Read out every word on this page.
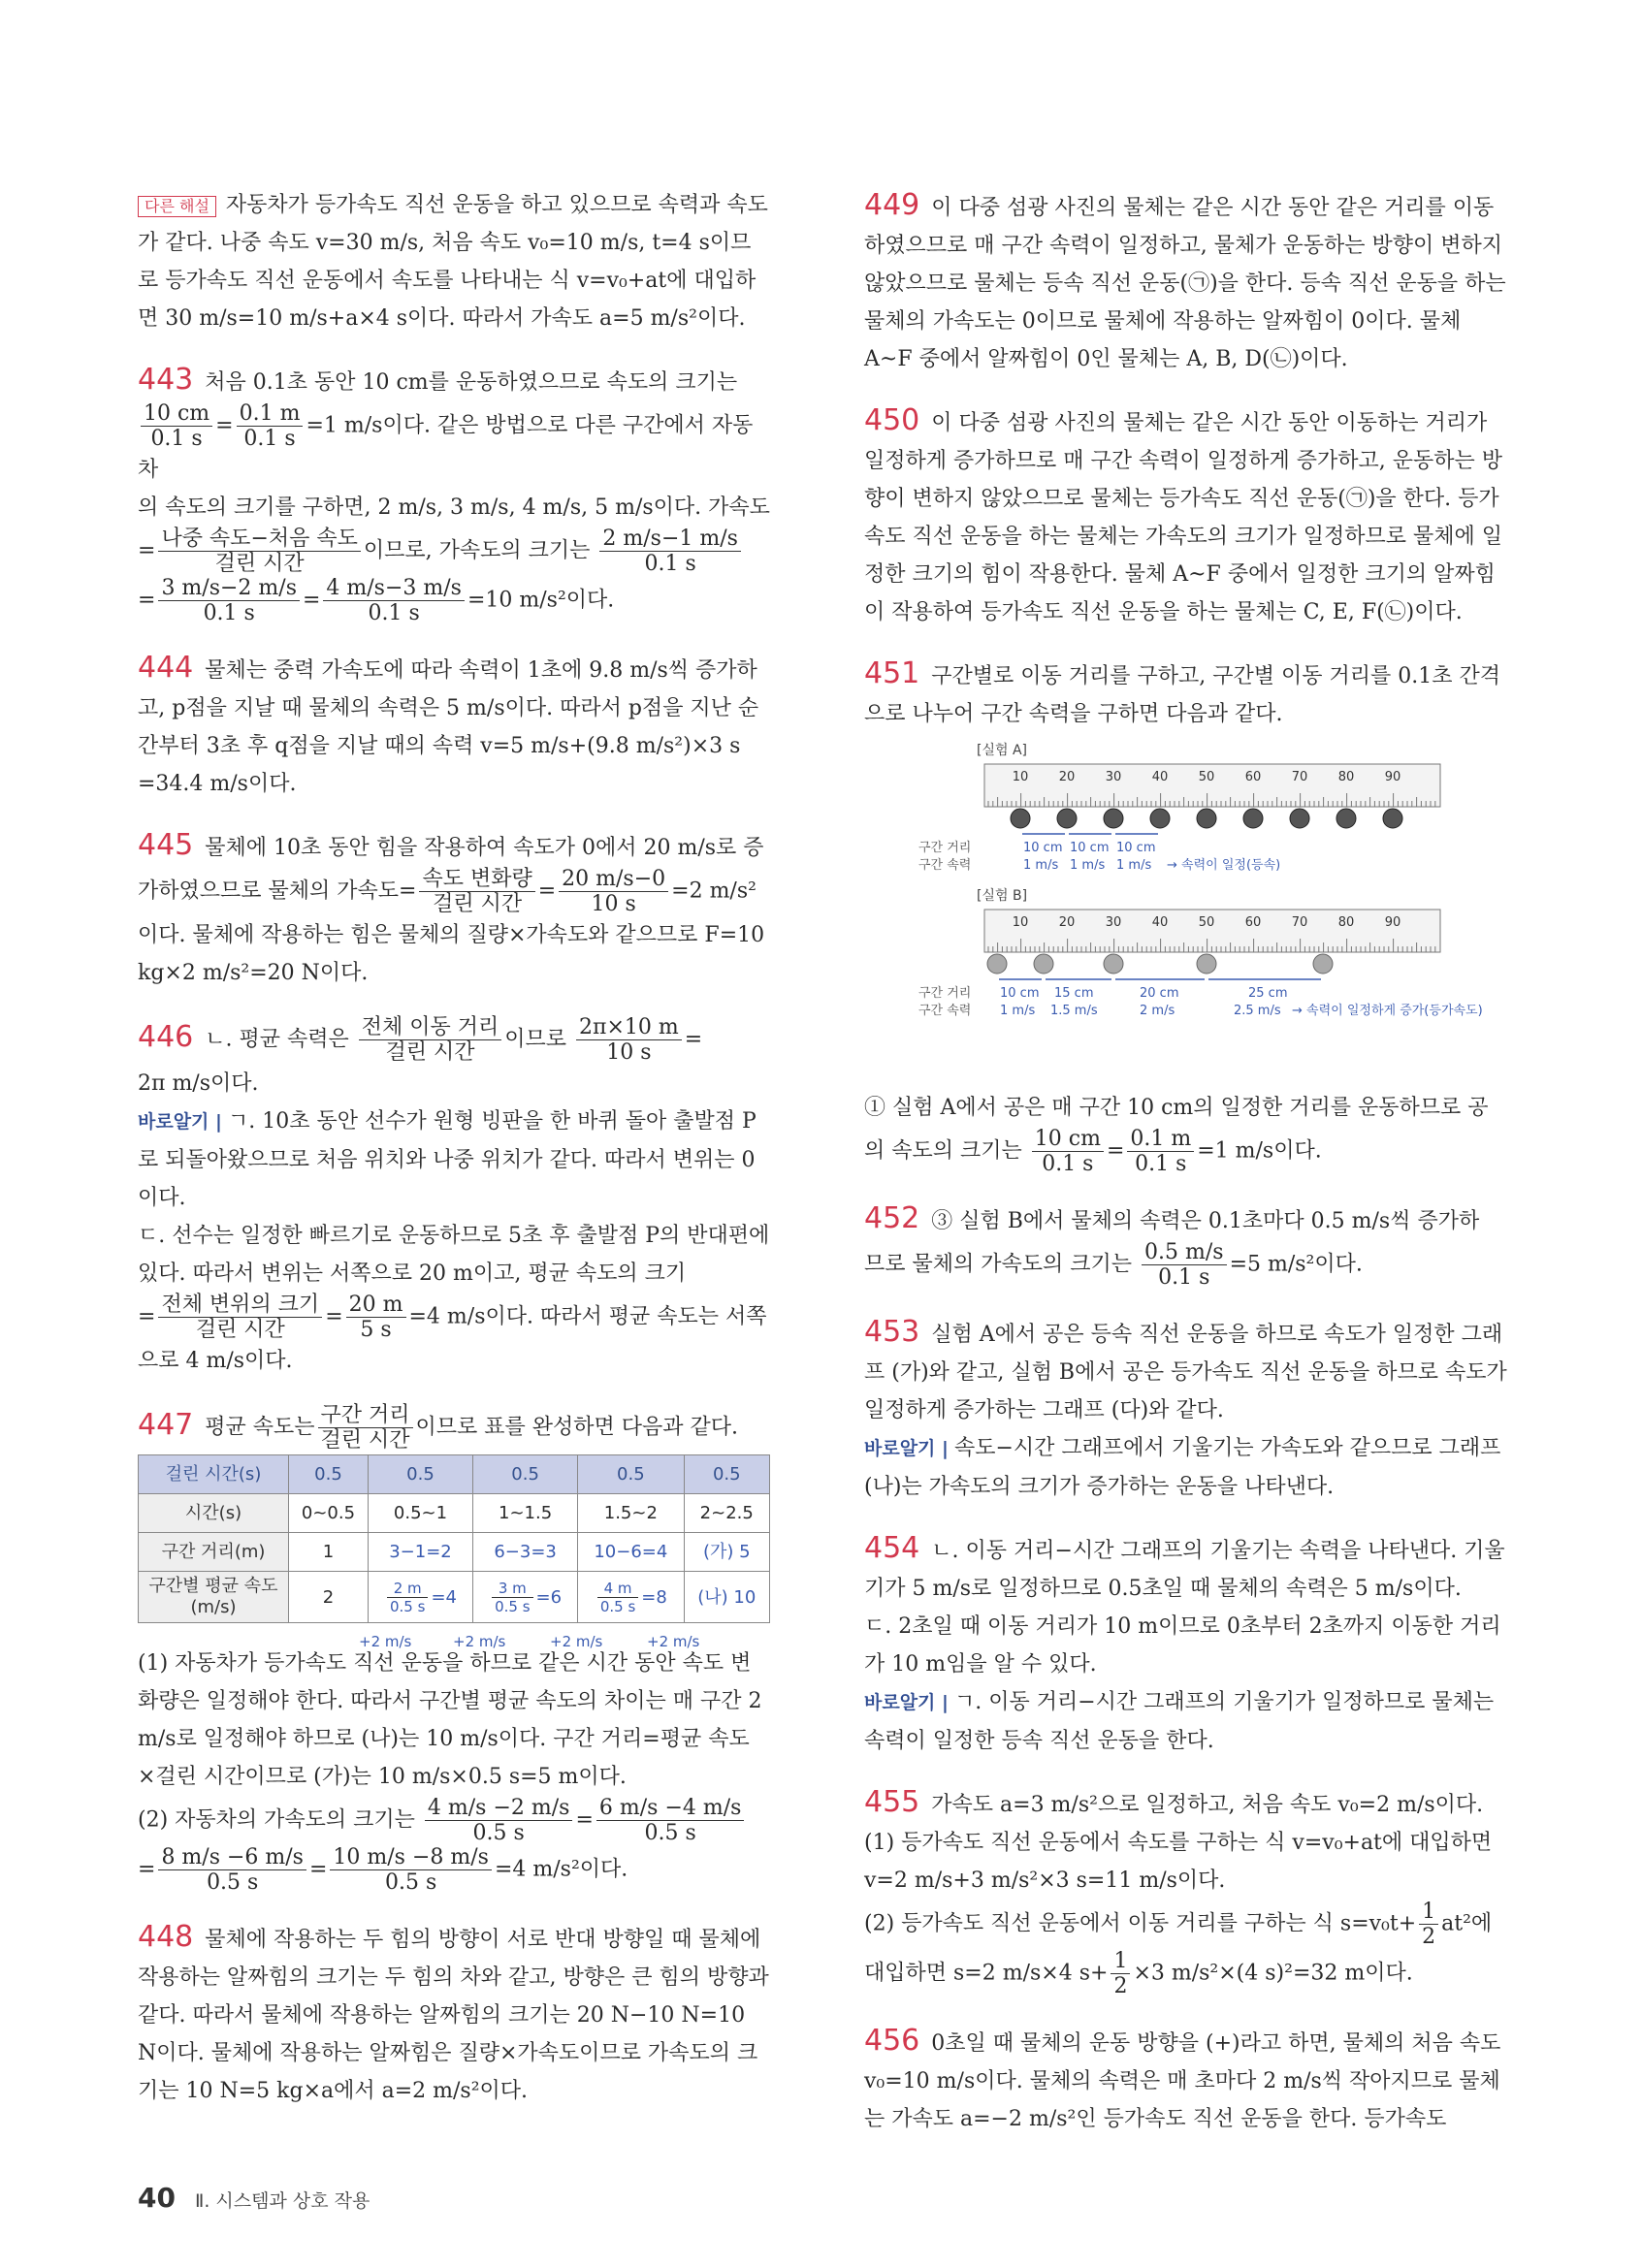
다른 해설 자동차가 등가속도 직선 운동을 하고 있으므로 속력과 속도가 같다. 나중 속도 v=30 m/s, 처음 속도 v₀=10 m/s, t=4 s이므로 등가속도 직선 운동에서 속도를 나타내는 식 v=v₀+at에 대입하면 30 m/s=10 m/s+a×4 s이다. 따라서 가속도 a=5 m/s²이다.
443 처음 0.1초 동안 10 cm를 운동하였으므로 속도의 크기는

$\frac{10 cm}{0.1 s} = \frac{0.1 m}{0.1 s} =1$ m/s이다. 같은 방법으로 다른 구간에서 자동차
의 속도의 크기를 구하면, 2 m/s, 3 m/s, 4 m/s, 5 m/s이다. 가속도
= $\frac{\text{나중 속도−처음 속도}}{\text{걸린 시간}}$ 이므로, 가속도의 크기는 $\frac{2 m/s-1 m/s}{0.1 s}$

= $\frac{3 m/s-2 m/s}{0.1 s} = \frac{4 m/s-3 m/s}{0.1 s} =10$ m/s²이다.
444 물체는 중력 가속도에 따라 속력이 1초에 9.8 m/s씩 증가하고, p점을 지날 때 물체의 속력은 5 m/s이다. 따라서 p점을 지난 순간부터 3초 후 q점을 지날 때의 속력 v=5 m/s+(9.8 m/s²)×3 s =34.4 m/s이다.
445 물체에 10초 동안 힘을 작용하여 속도가 0에서 20 m/s로 증
가하였으므로 물체의 가속도= $\frac{\text{속도 변화량}}{\text{걸린 시간}} = \frac{20 m/s-0}{10 s} =2$ m/s²
이다. 물체에 작용하는 힘은 물체의 질량×가속도와 같으므로 F=10 kg×2 m/s²=20 N이다.
446 ㄴ. 평균 속력은 $\frac{\text{전체 이동 거리}}{\text{걸린 시간}}$ 이므로 $\frac{2\pi\times 10 m}{10 s}$ =
2π m/s이다.
바로알기 | ㄱ. 10초 동안 선수가 원형 빙판을 한 바퀴 돌아 출발점 P로 되돌아왔으므로 처음 위치와 나중 위치가 같다. 따라서 변위는 0이다.
ㄷ. 선수는 일정한 빠르기로 운동하므로 5초 후 출발점 P의 반대편에 있다. 따라서 변위는 서쪽으로 20 m이고, 평균 속도의 크기
= $\frac{\text{전체 변위의 크기}}{\text{걸린 시간}} = \frac{20 m}{5 s} =4$ m/s이다. 따라서 평균 속도는 서쪽으로 4 m/s이다.
447 평균 속도는 $\frac{\text{구간 거리}}{\text{걸린 시간}}$ 이므로 표를 완성하면 다음과 같다.
걸린 시간(s)	0.5	0.5	0.5	0.5	0.5
시간(s)	0~0.5	0.5~1	1~1.5	1.5~2	2~2.5
구간 거리(m)	1	3−1=2	6−3=3	10−6=4	(가) 5
구간별 평균 속도 (m/s)	2	$\frac{2 m}{0.5 s} =4$	$\frac{3 m}{0.5 s} =6$	$\frac{4 m}{0.5 s} =8$	(나) 10
+2 m/s	+2 m/s	+2 m/s	+2 m/s
(1) 자동차가 등가속도 직선 운동을 하므로 같은 시간 동안 속도 변화량은 일정해야 한다. 따라서 구간별 평균 속도의 차이는 매 구간 2 m/s로 일정해야 하므로 (나)는 10 m/s이다. 구간 거리=평균 속도 ×걸린 시간이므로 (가)는 10 m/s×0.5 s=5 m이다.
(2) 자동차의 가속도의 크기는 $\frac{4 m/s -2 m/s}{0.5 s} = \frac{6 m/s -4 m/s}{0.5 s}$

= $\frac{8 m/s -6 m/s}{0.5 s} = \frac{10 m/s -8 m/s}{0.5 s} =4$ m/s²이다.
448 물체에 작용하는 두 힘의 방향이 서로 반대 방향일 때 물체에 작용하는 알짜힘의 크기는 두 힘의 차와 같고, 방향은 큰 힘의 방향과 같다. 따라서 물체에 작용하는 알짜힘의 크기는 20 N−10 N=10 N이다. 물체에 작용하는 알짜힘은 질량×가속도이므로 가속도의 크기는 10 N=5 kg×a에서 a=2 m/s²이다.
449 이 다중 섬광 사진의 물체는 같은 시간 동안 같은 거리를 이동하였으므로 매 구간 속력이 일정하고, 물체가 운동하는 방향이 변하지 않았으므로 물체는 등속 직선 운동(㉠)을 한다. 등속 직선 운동을 하는 물체의 가속도는 0이므로 물체에 작용하는 알짜힘이 0이다. 물체 A~F 중에서 알짜힘이 0인 물체는 A, B, D(㉡)이다.
450 이 다중 섬광 사진의 물체는 같은 시간 동안 이동하는 거리가 일정하게 증가하므로 매 구간 속력이 일정하게 증가하고, 운동하는 방향이 변하지 않았으므로 물체는 등가속도 직선 운동(㉠)을 한다. 등가속도 직선 운동을 하는 물체는 가속도의 크기가 일정하므로 물체에 일정한 크기의 힘이 작용한다. 물체 A~F 중에서 일정한 크기의 알짜힘이 작용하여 등가속도 직선 운동을 하는 물체는 C, E, F(㉡)이다.
451 구간별로 이동 거리를 구하고, 구간별 이동 거리를 0.1초 간격으로 나누어 구간 속력을 구하면 다음과 같다.
[실험 A]
10 20 30 40 50 60 70 80 90
구간 거리
구간 속력
10 cm 10 cm 10 cm
1 m/s 1 m/s 1 m/s → 속력이 일정(등속)
[실험 B]
10 20 30 40 50 60 70 80 90
구간 거리
구간 속력
10 cm 15 cm	20 cm	25 cm
1 m/s 1.5 m/s	2 m/s	2.5 m/s → 속력이 일정하게 증가(등가속도)
① 실험 A에서 공은 매 구간 10 cm의 일정한 거리를 운동하므로 공
의 속도의 크기는 $\frac{10 cm}{0.1 s} = \frac{0.1 m}{0.1 s} =1$ m/s이다.
452 ③ 실험 B에서 물체의 속력은 0.1초마다 0.5 m/s씩 증가하
므로 물체의 가속도의 크기는 $\frac{0.5 m/s}{0.1 s} =5$ m/s²이다.
453 실험 A에서 공은 등속 직선 운동을 하므로 속도가 일정한 그래프 (가)와 같고, 실험 B에서 공은 등가속도 직선 운동을 하므로 속도가 일정하게 증가하는 그래프 (다)와 같다.
바로알기 | 속도−시간 그래프에서 기울기는 가속도와 같으므로 그래프 (나)는 가속도의 크기가 증가하는 운동을 나타낸다.
454 ㄴ. 이동 거리−시간 그래프의 기울기는 속력을 나타낸다. 기울기가 5 m/s로 일정하므로 0.5초일 때 물체의 속력은 5 m/s이다.
ㄷ. 2초일 때 이동 거리가 10 m이므로 0초부터 2초까지 이동한 거리가 10 m임을 알 수 있다.
바로알기 | ㄱ. 이동 거리−시간 그래프의 기울기가 일정하므로 물체는 속력이 일정한 등속 직선 운동을 한다.
455 가속도 a=3 m/s²으로 일정하고, 처음 속도 v₀=2 m/s이다.
(1) 등가속도 직선 운동에서 속도를 구하는 식 v=v₀+at에 대입하면 v=2 m/s+3 m/s²×3 s=11 m/s이다.
(2) 등가속도 직선 운동에서 이동 거리를 구하는 식 $s=v_0t+ \frac{1}{2} at^2$에
대입하면 s=2 m/s×4 $s+ \frac{1}{2} \times 3$ m/s²×(4 s)²=32 m이다.
456 0초일 때 물체의 운동 방향을 (+)라고 하면, 물체의 처음 속도 v₀=10 m/s이다. 물체의 속력은 매 초마다 2 m/s씩 작아지므로 물체는 가속도 a=−2 m/s²인 등가속도 직선 운동을 한다. 등가속도
40 Ⅱ. 시스템과 상호 작용
